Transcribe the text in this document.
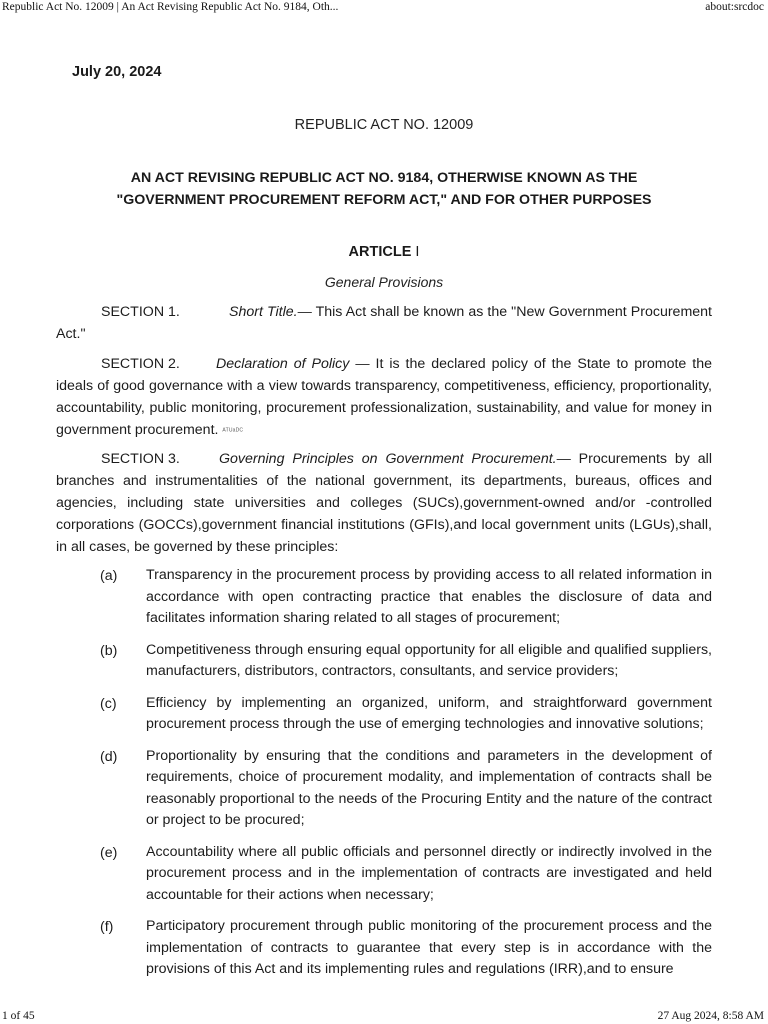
Republic Act No. 12009 | An Act Revising Republic Act No. 9184, Oth...	about:srcdoc
July 20, 2024
REPUBLIC ACT NO. 12009
AN ACT REVISING REPUBLIC ACT NO. 9184, OTHERWISE KNOWN AS THE
"GOVERNMENT PROCUREMENT REFORM ACT," AND FOR OTHER PURPOSES
ARTICLE I
General Provisions
SECTION 1.	Short Title.— This Act shall be known as the "New Government Procurement Act."
SECTION 2.	Declaration of Policy — It is the declared policy of the State to promote the ideals of good governance with a view towards transparency, competitiveness, efficiency, proportionality, accountability, public monitoring, procurement professionalization, sustainability, and value for money in government procurement. ATUaDC
SECTION 3.	Governing Principles on Government Procurement.— Procurements by all branches and instrumentalities of the national government, its departments, bureaus, offices and agencies, including state universities and colleges (SUCs),government-owned and/or -controlled corporations (GOCCs),government financial institutions (GFIs),and local government units (LGUs),shall, in all cases, be governed by these principles:
(a)	Transparency in the procurement process by providing access to all related information in accordance with open contracting practice that enables the disclosure of data and facilitates information sharing related to all stages of procurement;
(b)	Competitiveness through ensuring equal opportunity for all eligible and qualified suppliers, manufacturers, distributors, contractors, consultants, and service providers;
(c)	Efficiency by implementing an organized, uniform, and straightforward government procurement process through the use of emerging technologies and innovative solutions;
(d)	Proportionality by ensuring that the conditions and parameters in the development of requirements, choice of procurement modality, and implementation of contracts shall be reasonably proportional to the needs of the Procuring Entity and the nature of the contract or project to be procured;
(e)	Accountability where all public officials and personnel directly or indirectly involved in the procurement process and in the implementation of contracts are investigated and held accountable for their actions when necessary;
(f)	Participatory procurement through public monitoring of the procurement process and the implementation of contracts to guarantee that every step is in accordance with the provisions of this Act and its implementing rules and regulations (IRR),and to ensure
1 of 45	27 Aug 2024, 8:58 AM
